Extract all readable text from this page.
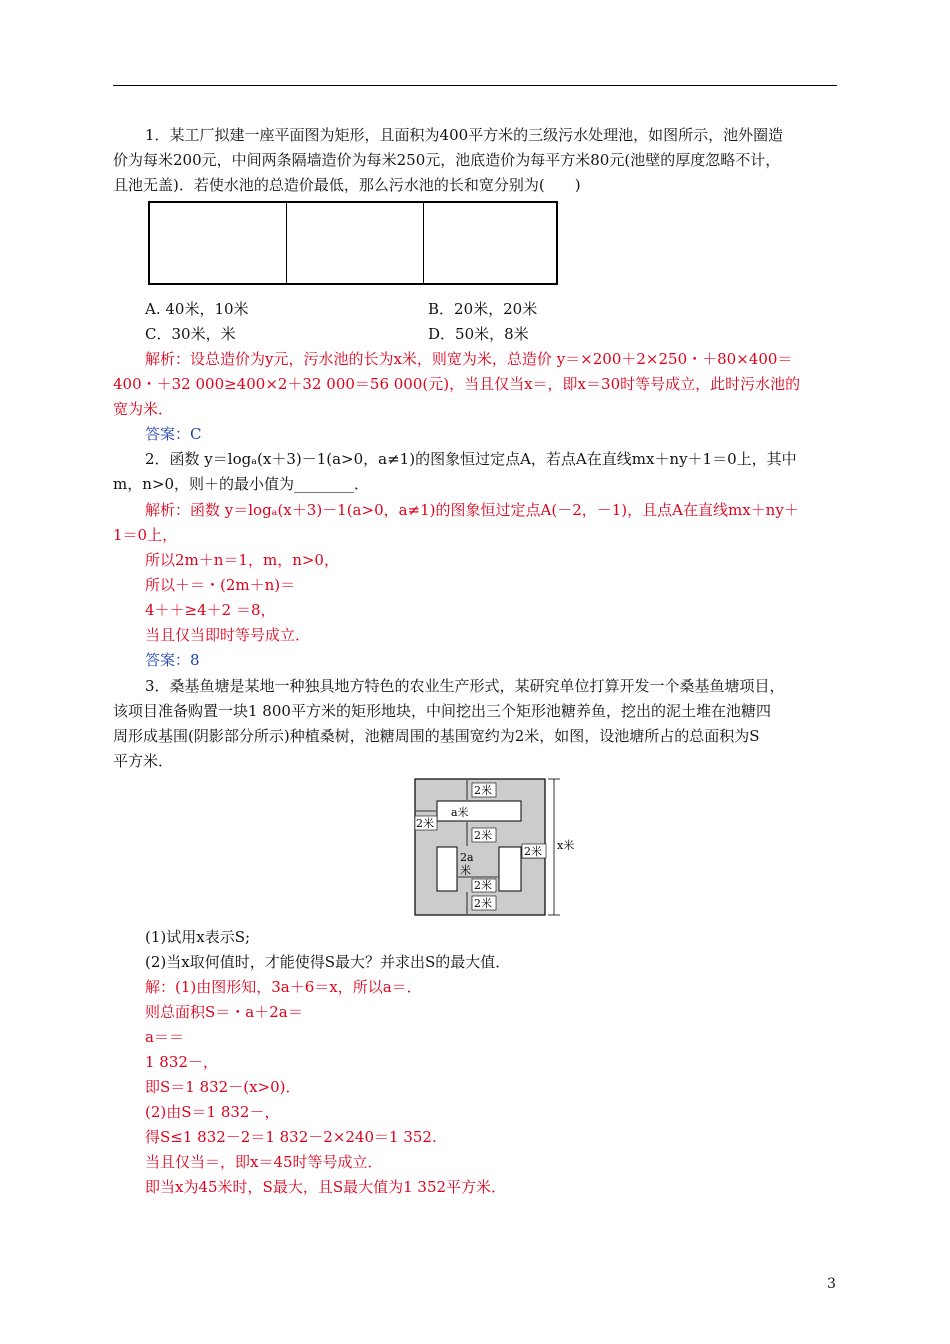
1．某工厂拟建一座平面图为矩形，且面积为400平方米的三级污水处理池，如图所示，池外圈造
价为每米200元，中间两条隔墙造价为每米250元，池底造价为每平方米80元(池壁的厚度忽略不计，
且池无盖)．若使水池的总造价最低，那么污水池的长和宽分别为(　　)
A. 40米，10米	B．20米，20米
C．30米，米	D．50米，8米
解析：设总造价为y元，污水池的长为x米，则宽为米，总造价 y＝×200＋2×250・＋80×400＝
400・＋32 000≥400×2＋32 000＝56 000(元)，当且仅当x＝，即x＝30时等号成立，此时污水池的
宽为米．
答案：C
2．函数 y＝logₐ(x＋3)－1(a>0，a≠1)的图象恒过定点A，若点A在直线mx＋ny＋1＝0上，其中
m，n>0，则＋的最小值为________．
解析：函数 y＝logₐ(x＋3)－1(a>0，a≠1)的图象恒过定点A(－2，－1)，且点A在直线mx＋ny＋
1＝0上，
所以2m＋n＝1，m，n>0，
所以＋＝・(2m＋n)＝
4＋＋≥4＋2 ＝8，
当且仅当即时等号成立．
答案：8
3．桑基鱼塘是某地一种独具地方特色的农业生产形式，某研究单位打算开发一个桑基鱼塘项目，
该项目准备购置一块1 800平方米的矩形地块，中间挖出三个矩形池糖养鱼，挖出的泥土堆在池糖四
周形成基围(阴影部分所示)种植桑树，池糖周围的基围宽约为2米，如图，设池塘所占的总面积为S
平方米．
2米
a米
2米
2米
2a
米
2米
2米
2米
x米
(1)试用x表示S;
(2)当x取何值时，才能使得S最大？并求出S的最大值．
解：(1)由图形知，3a＋6＝x，所以a＝．
则总面积S＝・a＋2a＝
a＝＝
1 832－，
即S＝1 832－(x>0)．
(2)由S＝1 832－，
得S≤1 832－2＝1 832－2×240＝1 352.
当且仅当＝，即x＝45时等号成立．
即当x为45米时，S最大，且S最大值为1 352平方米．
3
